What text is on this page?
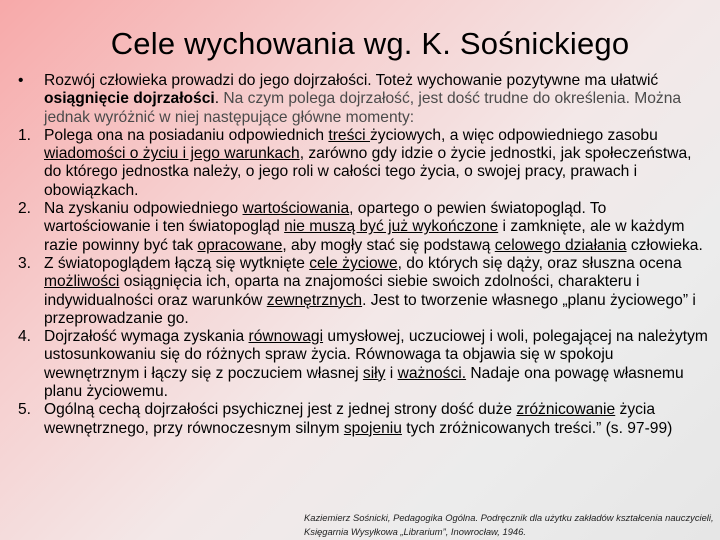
Cele wychowania wg. K. Sośnickiego

• Rozwój człowieka prowadzi do jego dojrzałości. Toteż wychowanie pozytywne ma ułatwić osiągnięcie dojrzałości. Na czym polega dojrzałość, jest dość trudne do określenia. Można jednak wyróżnić w niej następujące główne momenty:

1. Polega ona na posiadaniu odpowiednich treści życiowych, a więc odpowiedniego zasobu wiadomości o życiu i jego warunkach, zarówno gdy idzie o życie jednostki, jak społeczeństwa, do którego jednostka należy, o jego roli w całości tego życia, o swojej pracy, prawach i obowiązkach.

2. Na zyskaniu odpowiedniego wartościowania, opartego o pewien światopogląd. To wartościowanie i ten światopogląd nie muszą być już wykończone i zamknięte, ale w każdym razie powinny być tak opracowane, aby mogły stać się podstawą celowego działania człowieka.

3. Z światopoglądem łączą się wytknięte cele życiowe, do których się dąży, oraz słuszna ocena możliwości osiągnięcia ich, oparta na znajomości siebie swoich zdolności, charakteru i indywidualności oraz warunków zewnętrznych. Jest to tworzenie własnego „planu życiowego” i przeprowadzanie go.

4. Dojrzałość wymaga zyskania równowagi umysłowej, uczuciowej i woli, polegającej na należytym ustosunkowaniu się do różnych spraw życia. Równowaga ta objawia się w spokoju wewnętrznym i łączy się z poczuciem własnej siły i ważności. Nadaje ona powagę własnemu planu życiowemu.

5. Ogólną cechą dojrzałości psychicznej jest z jednej strony dość duże zróżnicowanie życia wewnętrznego, przy równoczesnym silnym spojeniu tych zróżnicowanych treści.” (s. 97-99)

Kaziemierz Sośnicki, Pedagogika Ogólna. Podręcznik dla użytku zakładów kształcenia nauczycieli, Księgarnia Wysyłkowa „Librarium”, Inowrocław, 1946.
